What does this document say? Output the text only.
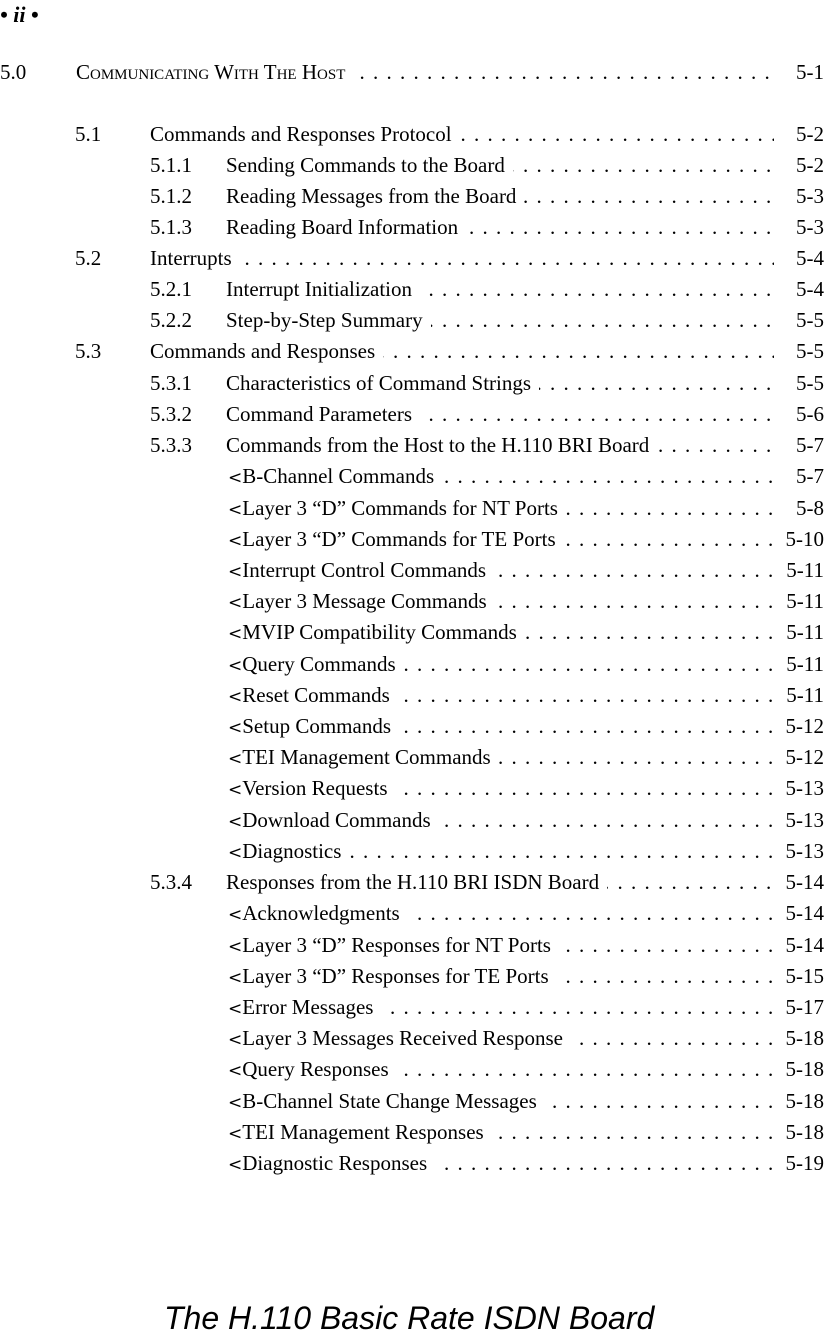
• ii •
5.0 COMMUNICATING WITH THE HOST . . .	5-1
5.1 Commands and Responses Protocol . . .	5-2
5.1.1 Sending Commands to the Board . . .	5-2
5.1.2 Reading Messages from the Board . . .	5-3
5.1.3 Reading Board Information . . .	5-3
5.2 Interrupts . . .	5-4
5.2.1 Interrupt Initialization . . .	5-4
5.2.2 Step-by-Step Summary . . .	5-5
5.3 Commands and Responses . . .	5-5
5.3.1 Characteristics of Command Strings . . .	5-5
5.3.2 Command Parameters . . .	5-6
5.3.3 Commands from the Host to the H.110 BRI Board . . .	5-7
<B-Channel Commands . . .	5-7
<Layer 3 “D” Commands for NT Ports . . .	5-8
<Layer 3 “D” Commands for TE Ports . . .	5-10
<Interrupt Control Commands . . .	5-11
<Layer 3 Message Commands . . .	5-11
<MVIP Compatibility Commands . . .	5-11
<Query Commands . . .	5-11
<Reset Commands . . .	5-11
<Setup Commands . . .	5-12
<TEI Management Commands . . .	5-12
<Version Requests . . .	5-13
<Download Commands . . .	5-13
<Diagnostics . . .	5-13
5.3.4 Responses from the H.110 BRI ISDN Board . . .	5-14
<Acknowledgments . . .	5-14
<Layer 3 “D” Responses for NT Ports . . .	5-14
<Layer 3 “D” Responses for TE Ports . . .	5-15
<Error Messages . . .	5-17
<Layer 3 Messages Received Response . . .	5-18
<Query Responses . . .	5-18
<B-Channel State Change Messages . . .	5-18
<TEI Management Responses . . .	5-18
<Diagnostic Responses . . .	5-19
The H.110 Basic Rate ISDN Board
